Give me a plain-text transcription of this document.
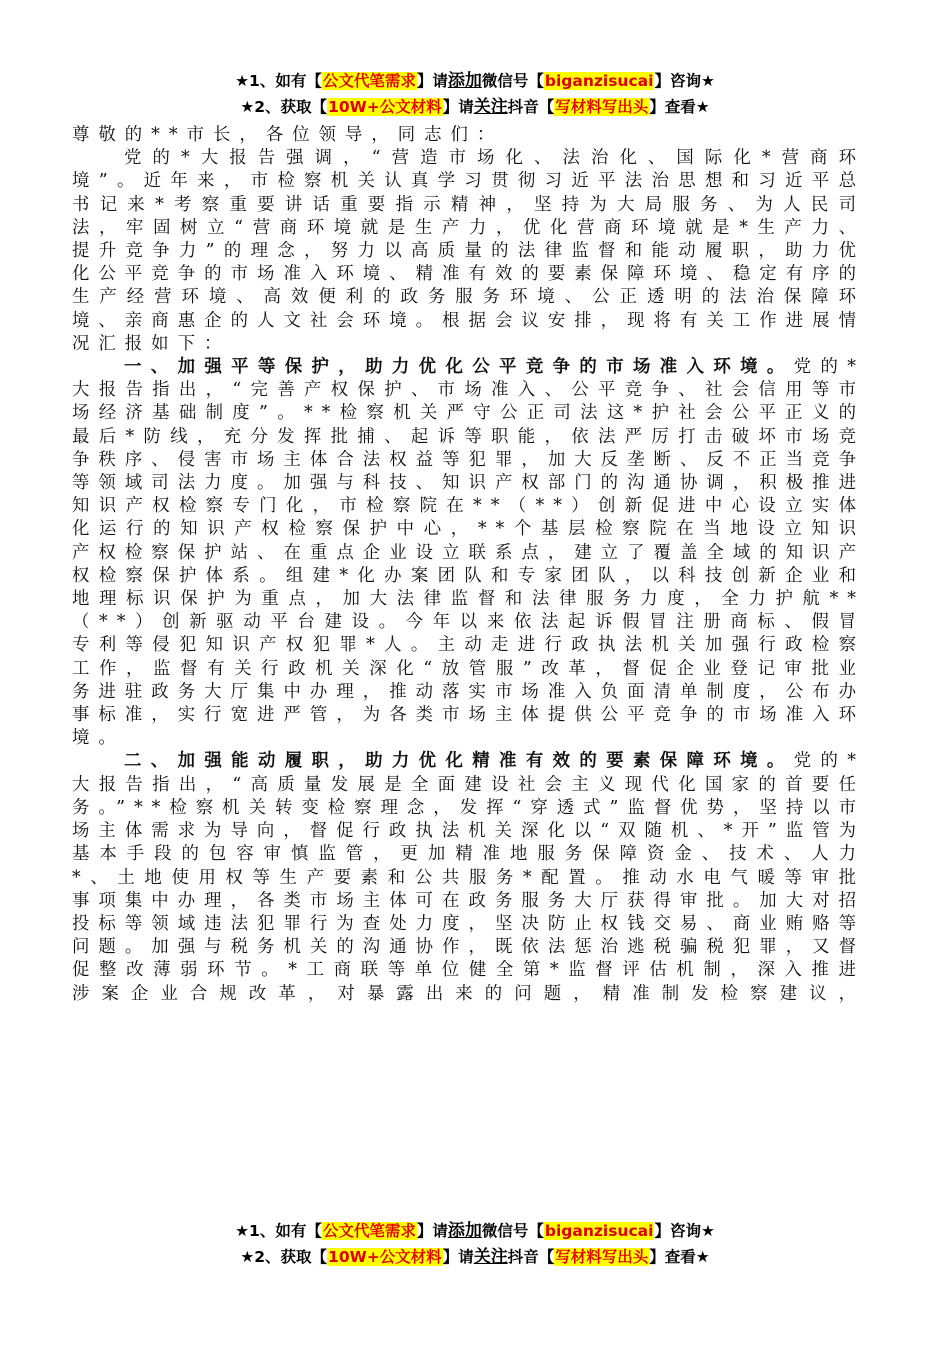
★1、如有【公文代笔需求】请添加微信号【biganzisucai】咨询★
★2、获取【10W+公文材料】请关注抖音【写材料写出头】查看★

尊敬的**市长，各位领导，同志们：

党的*大报告强调，“营造市场化、法治化、国际化*营商环境”。近年来，市检察机关认真学习贯彻习近平法治思想和习近平总书记来*考察重要讲话重要指示精神，坚持为大局服务、为人民司法，牢固树立“营商环境就是生产力，优化营商环境就是*生产力、提升竞争力”的理念，努力以高质量的法律监督和能动履职，助力优化公平竞争的市场准入环境、精准有效的要素保障环境、稳定有序的生产经营环境、高效便利的政务服务环境、公正透明的法治保障环境、亲商惠企的人文社会环境。根据会议安排，现将有关工作进展情况汇报如下：

一、加强平等保护，助力优化公平竞争的市场准入环境。党的*大报告指出，“完善产权保护、市场准入、公平竞争、社会信用等市场经济基础制度”。**检察机关严守公正司法这*护社会公平正义的最后*防线，充分发挥批捕、起诉等职能，依法严厉打击破坏市场竞争秩序、侵害市场主体合法权益等犯罪，加大反垄断、反不正当竞争等领域司法力度。加强与科技、知识产权部门的沟通协调，积极推进知识产权检察专门化，市检察院在**（**）创新促进中心设立实体化运行的知识产权检察保护中心，**个基层检察院在当地设立知识产权检察保护站、在重点企业设立联系点，建立了覆盖全域的知识产权检察保护体系。组建*化办案团队和专家团队，以科技创新企业和地理标识保护为重点，加大法律监督和法律服务力度，全力护航**（**）创新驱动平台建设。今年以来依法起诉假冒注册商标、假冒专利等侵犯知识产权犯罪*人。主动走进行政执法机关加强行政检察工作，监督有关行政机关深化“放管服”改革，督促企业登记审批业务进驻政务大厅集中办理，推动落实市场准入负面清单制度，公布办事标准，实行宽进严管，为各类市场主体提供公平竞争的市场准入环境。

二、加强能动履职，助力优化精准有效的要素保障环境。党的*大报告指出，“高质量发展是全面建设社会主义现代化国家的首要任务。”**检察机关转变检察理念，发挥“穿透式”监督优势，坚持以市场主体需求为导向，督促行政执法机关深化以“双随机、*开”监管为基本手段的包容审慎监管，更加精准地服务保障资金、技术、人力*、土地使用权等生产要素和公共服务*配置。推动水电气暖等审批事项集中办理，各类市场主体可在政务服务大厅获得审批。加大对招投标等领域违法犯罪行为查处力度，坚决防止权钱交易、商业贿赂等问题。加强与税务机关的沟通协作，既依法惩治逃税骗税犯罪，又督促整改薄弱环节。*工商联等单位健全第*监督评估机制，深入推进涉案企业合规改革，对暴露出来的问题，精准制发检察建议，

★1、如有【公文代笔需求】请添加微信号【biganzisucai】咨询★
★2、获取【10W+公文材料】请关注抖音【写材料写出头】查看★
